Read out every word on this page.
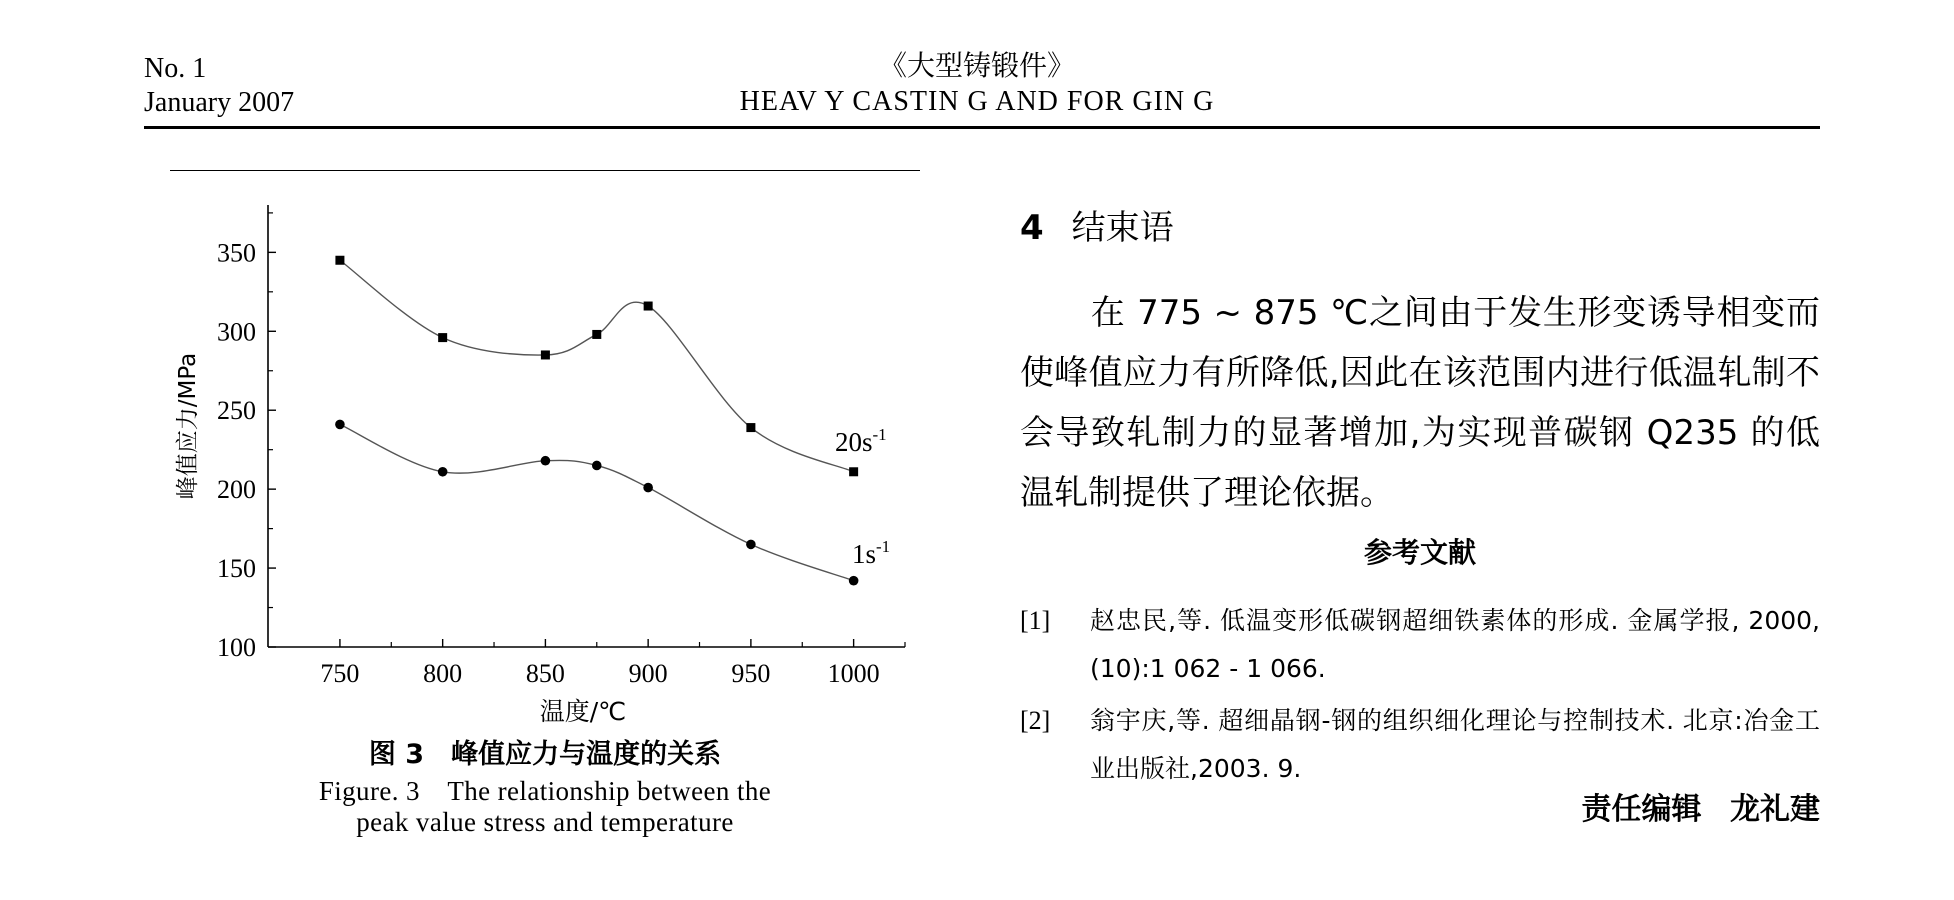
No. 1
January 2007
《大型铸锻件》
HEAV Y CASTIN G AND FOR GIN G
100
150
200
250
300
350
750 800 850 900 950 1000
$20s^{-1}$
$1s^{-1}$
温度/℃
峰值应力/MPa
图 3　峰值应力与温度的关系
Figure. 3　The relationship between the
peak value stress and temperature
4 结束语
在 775 ~ 875 ℃之间由于发生形变诱导相变而使峰值应力有所降低,因此在该范围内进行低温轧制不会导致轧制力的显著增加,为实现普碳钢 Q235 的低温轧制提供了理论依据。
参考文献
[1]	赵忠民,等. 低温变形低碳钢超细铁素体的形成. 金属学报, 2000,(10):1 062 - 1 066.
[2]	翁宇庆,等. 超细晶钢-钢的组织细化理论与控制技术. 北京:冶金工业出版社,2003. 9.
责任编辑 龙礼建
